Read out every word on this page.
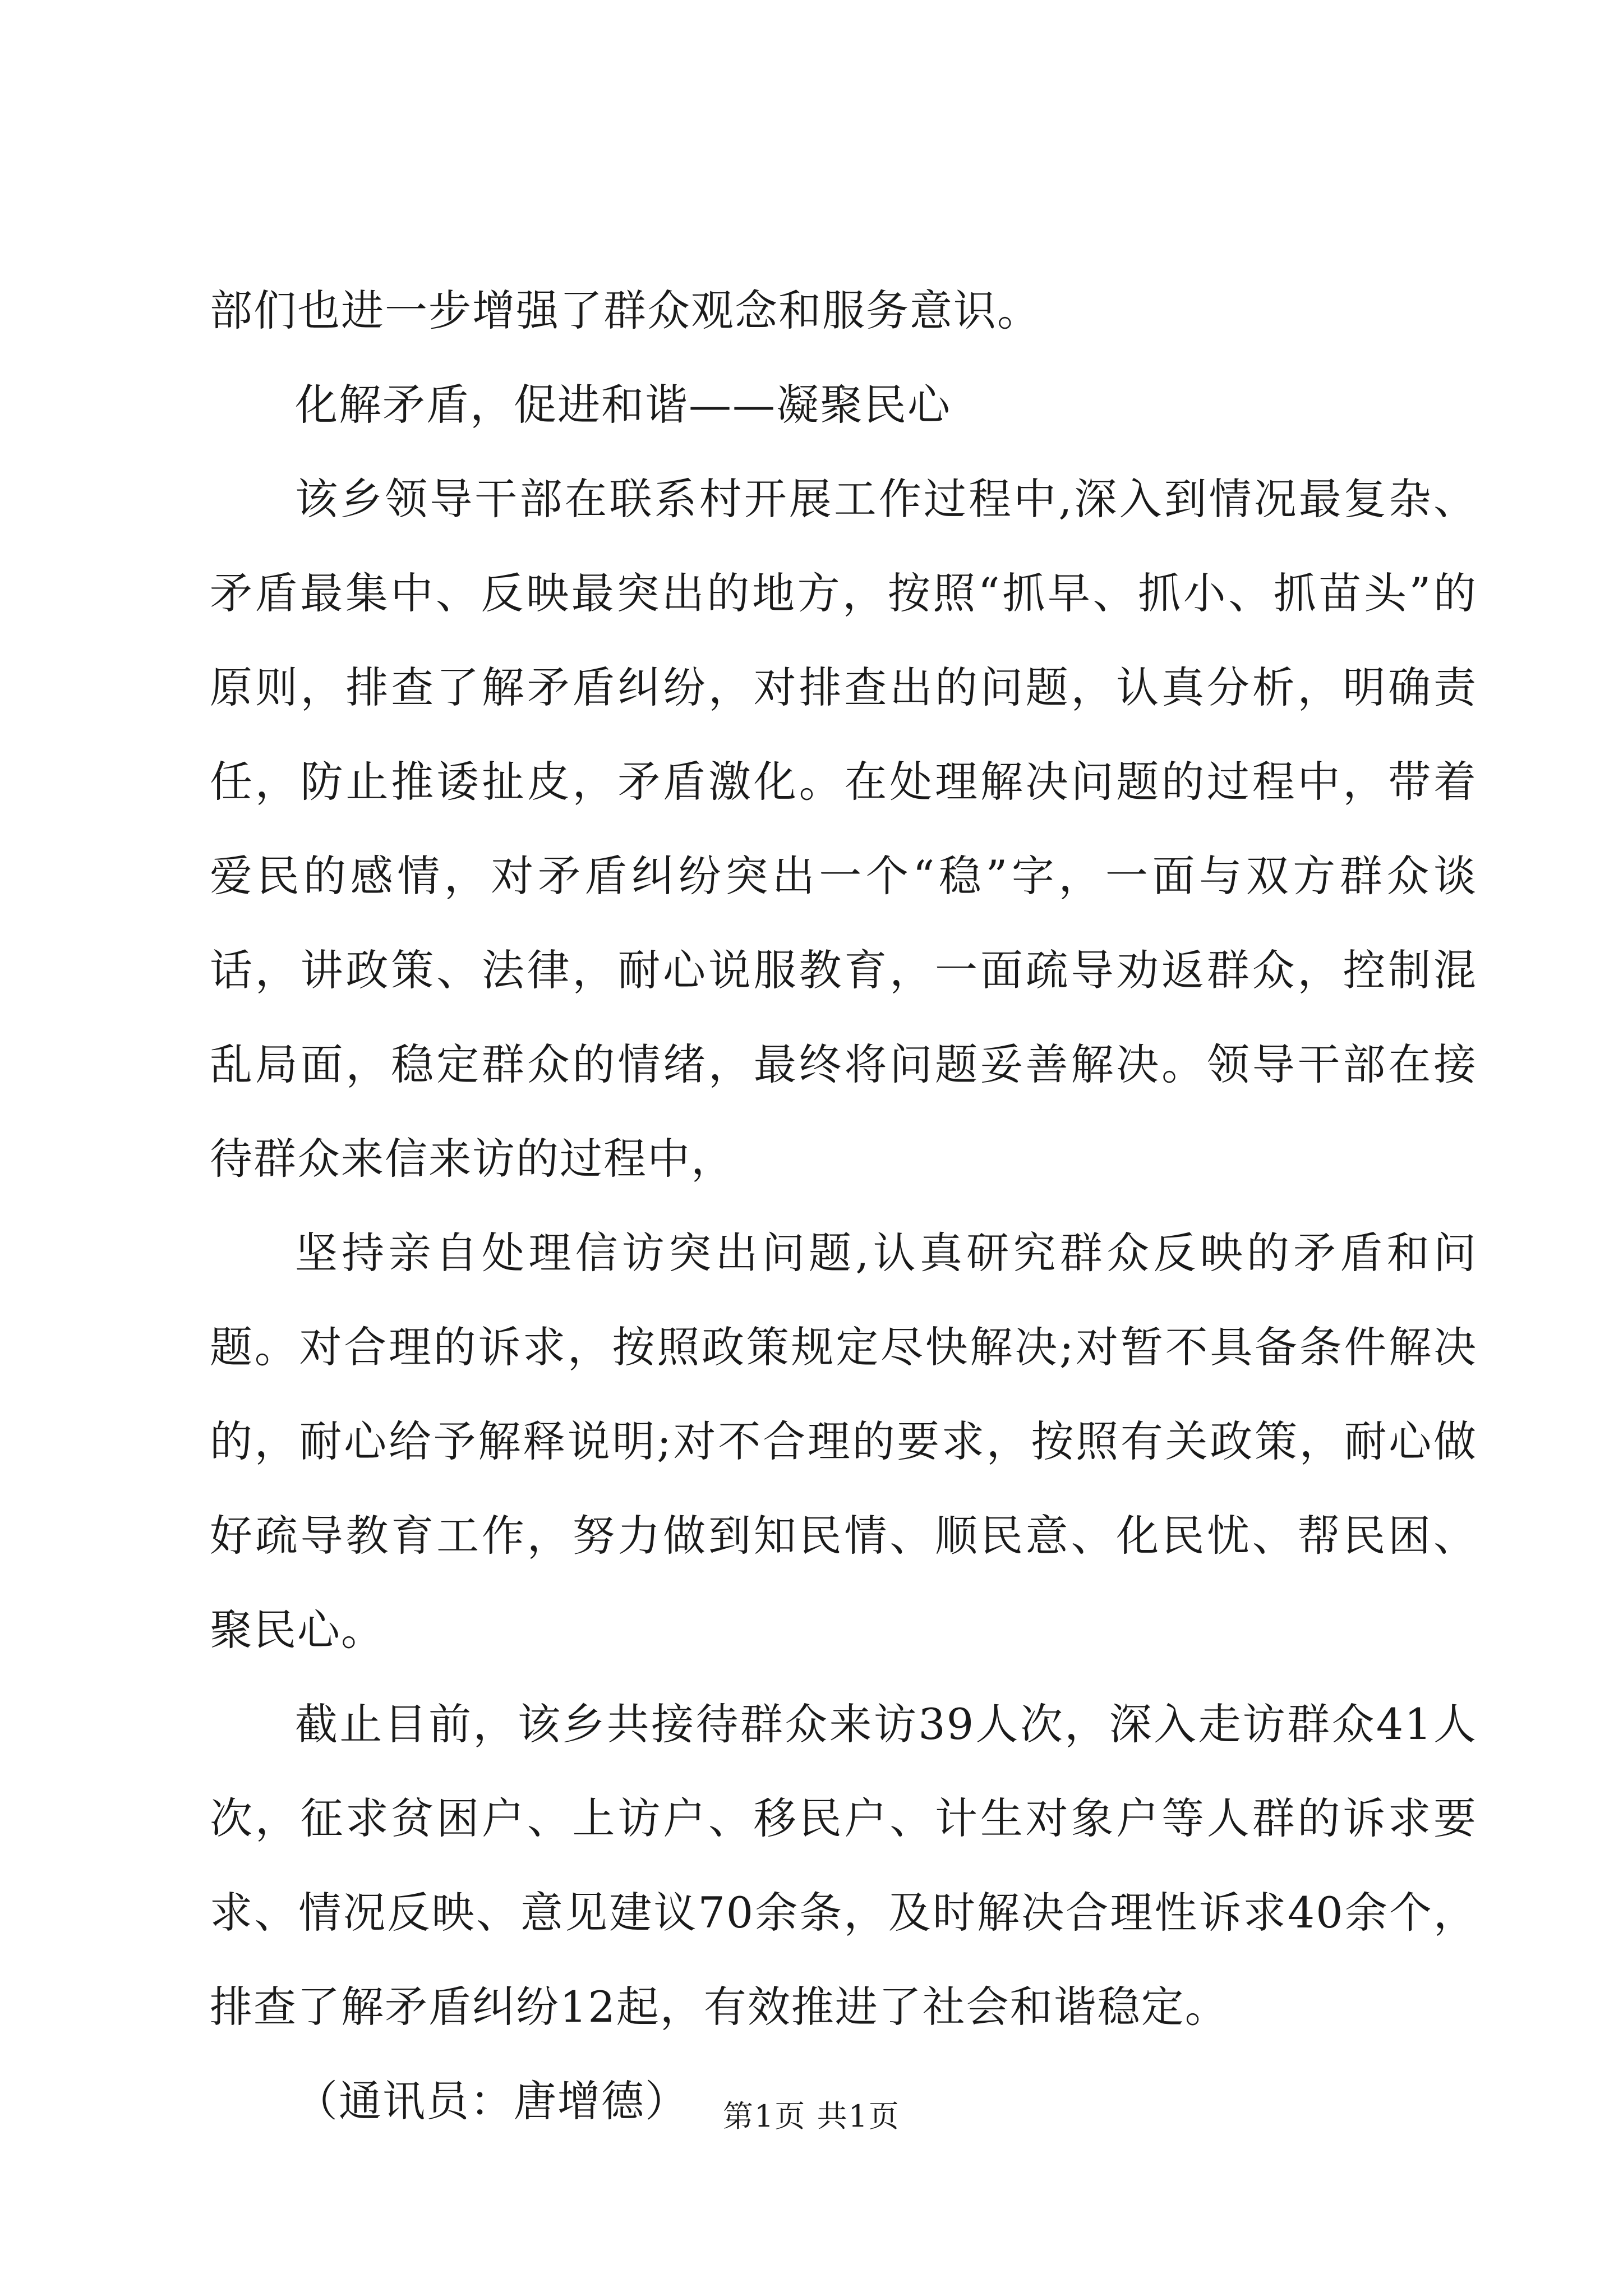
部们也进一步增强了群众观念和服务意识。

化解矛盾，促进和谐——凝聚民心

该乡领导干部在联系村开展工作过程中,深入到情况最复杂、矛盾最集中、反映最突出的地方，按照“抓早、抓小、抓苗头”的原则，排查了解矛盾纠纷，对排查出的问题，认真分析，明确责任，防止推诿扯皮，矛盾激化。在处理解决问题的过程中，带着爱民的感情，对矛盾纠纷突出一个“稳”字，一面与双方群众谈话，讲政策、法律，耐心说服教育，一面疏导劝返群众，控制混乱局面，稳定群众的情绪，最终将问题妥善解决。领导干部在接待群众来信来访的过程中，

坚持亲自处理信访突出问题,认真研究群众反映的矛盾和问题。对合理的诉求，按照政策规定尽快解决;对暂不具备条件解决的，耐心给予解释说明;对不合理的要求，按照有关政策，耐心做好疏导教育工作，努力做到知民情、顺民意、化民忧、帮民困、聚民心。

截止目前，该乡共接待群众来访39人次，深入走访群众41人次，征求贫困户、上访户、移民户、计生对象户等人群的诉求要求、情况反映、意见建议70余条，及时解决合理性诉求40余个，排查了解矛盾纠纷12起，有效推进了社会和谐稳定。

（通讯员：唐增德）	第1页 共1页
